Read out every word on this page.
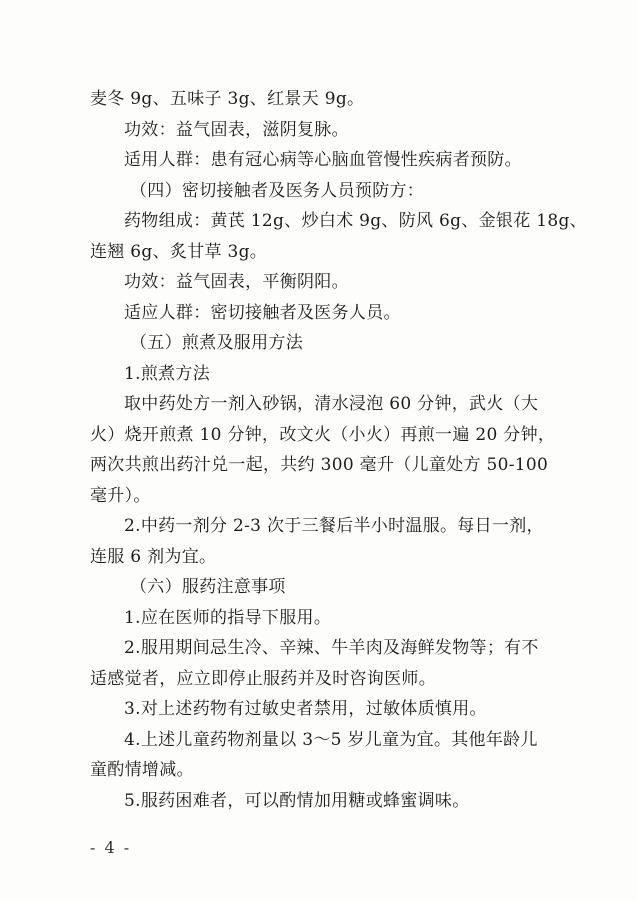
麦冬 9g、五味子 3g、红景天 9g。
功效：益气固表，滋阴复脉。
适用人群：患有冠心病等心脑血管慢性疾病者预防。
（四）密切接触者及医务人员预防方：
药物组成：黄芪 12g、炒白术 9g、防风 6g、金银花 18g、
连翘 6g、炙甘草 3g。
功效：益气固表，平衡阴阳。
适应人群：密切接触者及医务人员。
（五）煎煮及服用方法
1.煎煮方法
取中药处方一剂入砂锅，清水浸泡 60 分钟，武火（大
火）烧开煎煮 10 分钟，改文火（小火）再煎一遍 20 分钟，
两次共煎出药汁兑一起，共约 300 毫升（儿童处方 50-100
毫升）。
2.中药一剂分 2-3 次于三餐后半小时温服。每日一剂，
连服 6 剂为宜。
（六）服药注意事项
1.应在医师的指导下服用。
2.服用期间忌生冷、辛辣、牛羊肉及海鲜发物等；有不
适感觉者，应立即停止服药并及时咨询医师。
3.对上述药物有过敏史者禁用，过敏体质慎用。
4.上述儿童药物剂量以 3～5 岁儿童为宜。其他年龄儿
童酌情增减。
5.服药困难者，可以酌情加用糖或蜂蜜调味。
- 4 -
